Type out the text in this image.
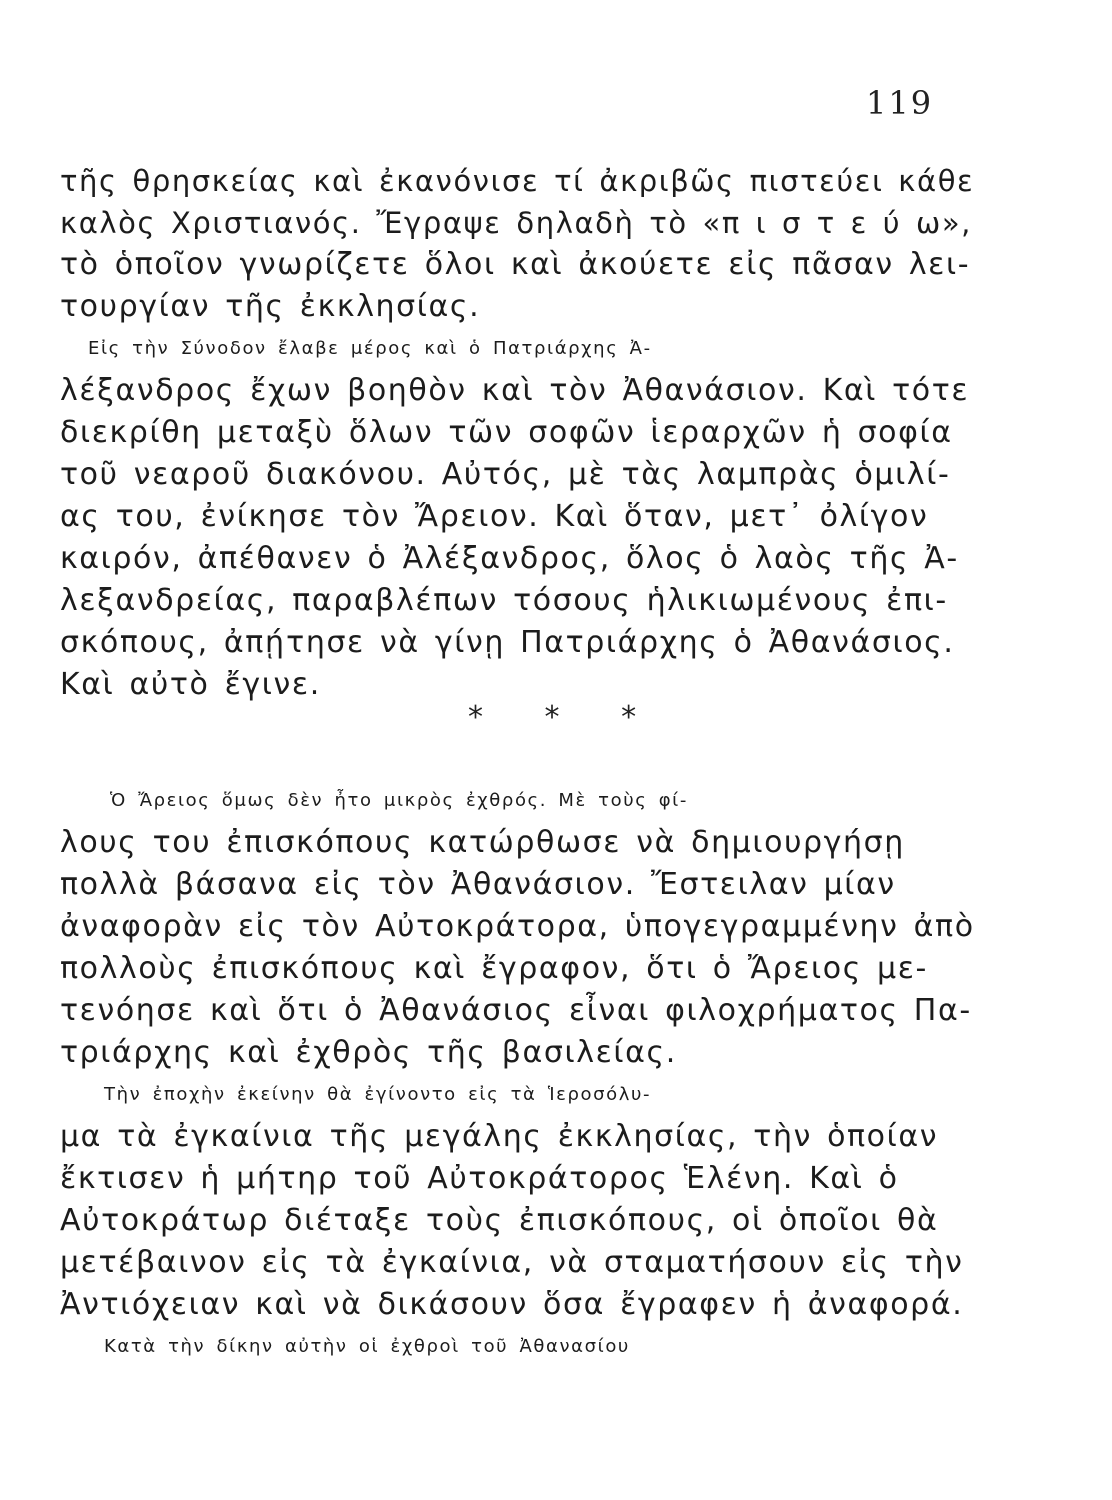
119
τῆς θρησκείας καὶ ἐκανόνισε τί ἀκριβῶς πιστεύει κάθε
καλὸς Χριστιανός. Ἔγραψε δηλαδὴ τὸ «π ι σ τ ε ύ ω»,
τὸ ὁποῖον γνωρίζετε ὅλοι καὶ ἀκούετε εἰς πᾶσαν λει-
τουργίαν τῆς ἐκκλησίας.
Εἰς τὴν Σύνοδον ἔλαβε μέρος καὶ ὁ Πατριάρχης Ἀ-
λέξανδρος ἔχων βοηθὸν καὶ τὸν Ἀθανάσιον. Καὶ τότε
διεκρίθη μεταξὺ ὅλων τῶν σοφῶν ἱεραρχῶν ἡ σοφία
τοῦ νεαροῦ διακόνου. Αὐτός, μὲ τὰς λαμπρὰς ὁμιλί-
ας του, ἐνίκησε τὸν Ἄρειον. Καὶ ὅταν, μετ᾽ ὀλίγον
καιρόν, ἀπέθανεν ὁ Ἀλέξανδρος, ὅλος ὁ λαὸς τῆς Ἀ-
λεξανδρείας, παραβλέπων τόσους ἡλικιωμένους ἐπι-
σκόπους, ἀπῄτησε νὰ γίνῃ Πατριάρχης ὁ Ἀθανάσιος.
Καὶ αὐτὸ ἔγινε.
* * *
Ὁ Ἄρειος ὅμως δὲν ἦτο μικρὸς ἐχθρός. Μὲ τοὺς φί-
λους του ἐπισκόπους κατώρθωσε νὰ δημιουργήσῃ
πολλὰ βάσανα εἰς τὸν Ἀθανάσιον. Ἔστειλαν μίαν
ἀναφορὰν εἰς τὸν Αὐτοκράτορα, ὑπογεγραμμένην ἀπὸ
πολλοὺς ἐπισκόπους καὶ ἔγραφον, ὅτι ὁ Ἄρειος με-
τενόησε καὶ ὅτι ὁ Ἀθανάσιος εἶναι φιλοχρήματος Πα-
τριάρχης καὶ ἐχθρὸς τῆς βασιλείας.
Τὴν ἐποχὴν ἐκείνην θὰ ἐγίνοντο εἰς τὰ Ἱεροσόλυ-
μα τὰ ἐγκαίνια τῆς μεγάλης ἐκκλησίας, τὴν ὁποίαν
ἔκτισεν ἡ μήτηρ τοῦ Αὐτοκράτορος Ἑλένη. Καὶ ὁ
Αὐτοκράτωρ διέταξε τοὺς ἐπισκόπους, οἱ ὁποῖοι θὰ
μετέβαινον εἰς τὰ ἐγκαίνια, νὰ σταματήσουν εἰς τὴν
Ἀντιόχειαν καὶ νὰ δικάσουν ὅσα ἔγραφεν ἡ ἀναφορά.
Κατὰ τὴν δίκην αὐτὴν οἱ ἐχθροὶ τοῦ Ἀθανασίου
